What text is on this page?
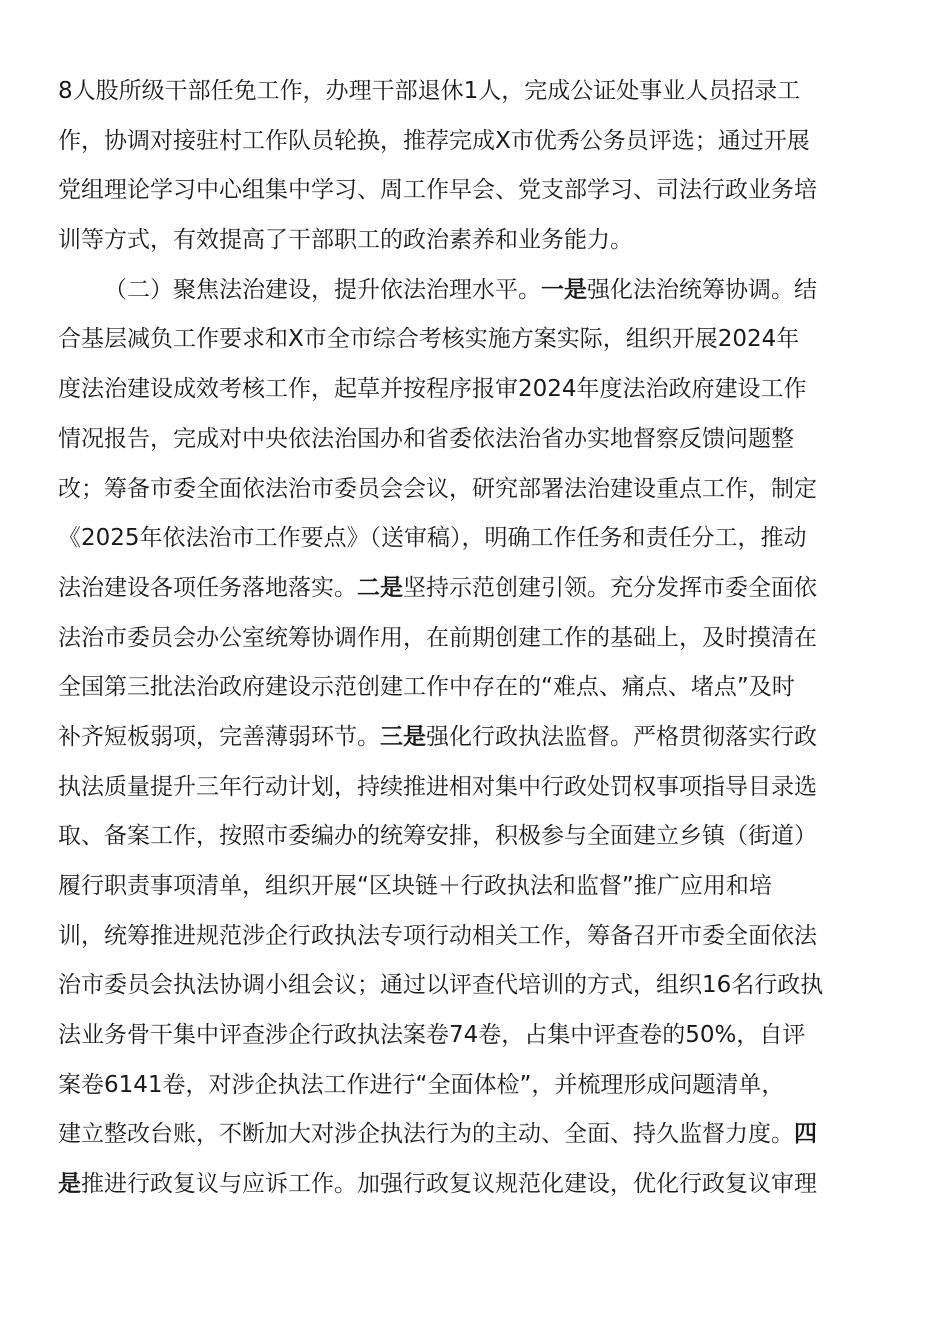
8人股所级干部任免工作，办理干部退休1人，完成公证处事业人员招录工
作，协调对接驻村工作队员轮换，推荐完成X市优秀公务员评选；通过开展
党组理论学习中心组集中学习、周工作早会、党支部学习、司法行政业务培
训等方式，有效提高了干部职工的政治素养和业务能力。
（二）聚焦法治建设，提升依法治理水平。一是强化法治统筹协调。结
合基层减负工作要求和X市全市综合考核实施方案实际，组织开展2024年
度法治建设成效考核工作，起草并按程序报审2024年度法治政府建设工作
情况报告，完成对中央依法治国办和省委依法治省办实地督察反馈问题整
改；筹备市委全面依法治市委员会会议，研究部署法治建设重点工作，制定
《2025年依法治市工作要点》（送审稿），明确工作任务和责任分工，推动
法治建设各项任务落地落实。二是坚持示范创建引领。充分发挥市委全面依
法治市委员会办公室统筹协调作用，在前期创建工作的基础上，及时摸清在
全国第三批法治政府建设示范创建工作中存在的“难点、痛点、堵点”及时
补齐短板弱项，完善薄弱环节。三是强化行政执法监督。严格贯彻落实行政
执法质量提升三年行动计划，持续推进相对集中行政处罚权事项指导目录选
取、备案工作，按照市委编办的统筹安排，积极参与全面建立乡镇（街道）
履行职责事项清单，组织开展“区块链＋行政执法和监督”推广应用和培
训，统筹推进规范涉企行政执法专项行动相关工作，筹备召开市委全面依法
治市委员会执法协调小组会议；通过以评查代培训的方式，组织16名行政执
法业务骨干集中评查涉企行政执法案卷74卷，占集中评查卷的50%，自评
案卷6141卷，对涉企执法工作进行“全面体检”，并梳理形成问题清单，
建立整改台账，不断加大对涉企执法行为的主动、全面、持久监督力度。四
是推进行政复议与应诉工作。加强行政复议规范化建设，优化行政复议审理
